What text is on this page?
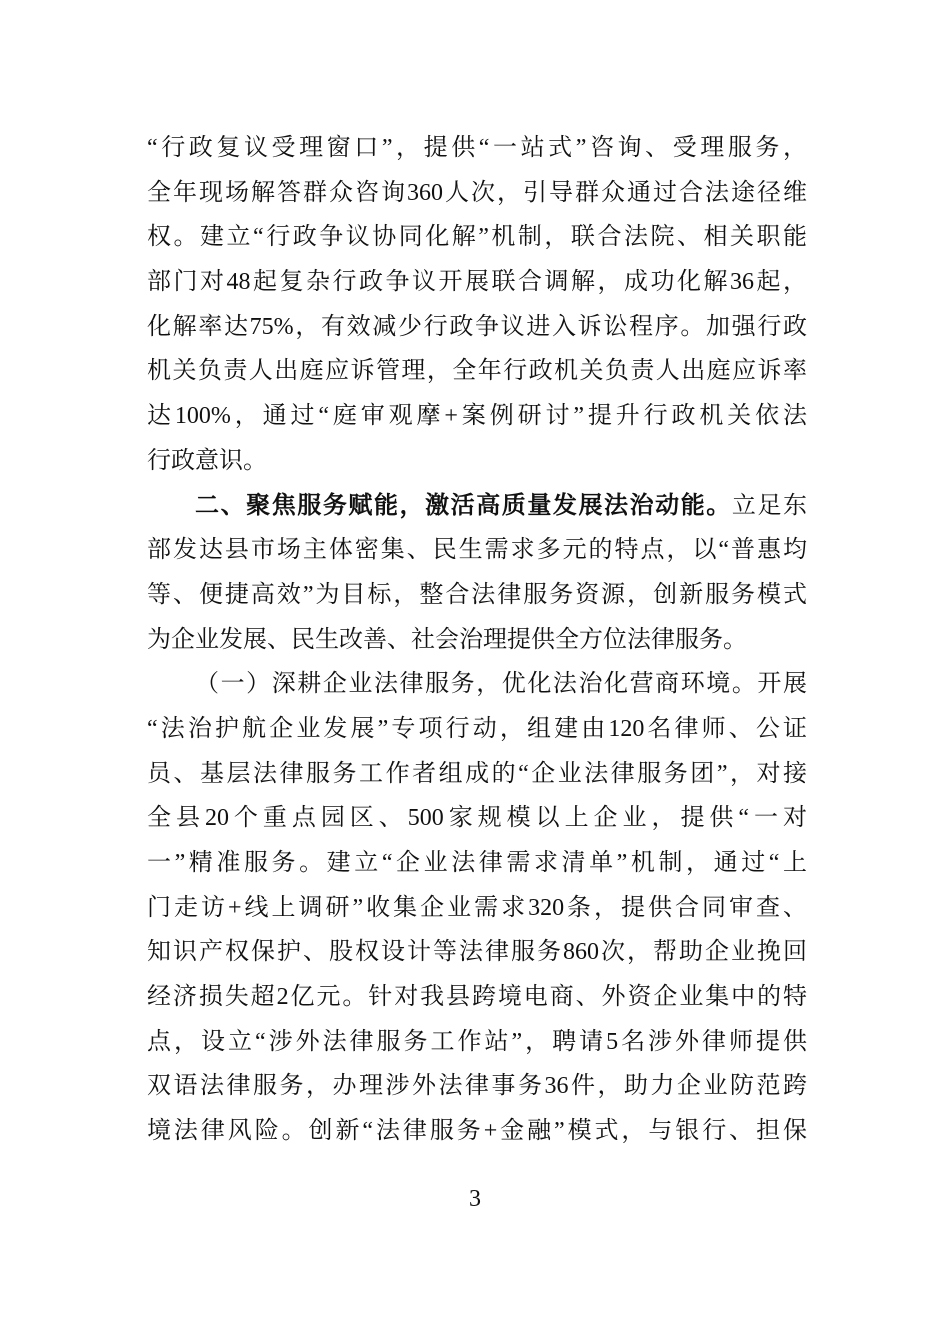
“行政复议受理窗口”，提供“一站式”咨询、受理服务，
全年现场解答群众咨询360人次，引导群众通过合法途径维
权。建立“行政争议协同化解”机制，联合法院、相关职能
部门对48起复杂行政争议开展联合调解，成功化解36起，
化解率达75%，有效减少行政争议进入诉讼程序。加强行政
机关负责人出庭应诉管理，全年行政机关负责人出庭应诉率
达100%，通过“庭审观摩+案例研讨”提升行政机关依法
行政意识。
二、聚焦服务赋能，激活高质量发展法治动能。立足东
部发达县市场主体密集、民生需求多元的特点，以“普惠均
等、便捷高效”为目标，整合法律服务资源，创新服务模式
为企业发展、民生改善、社会治理提供全方位法律服务。
（一）深耕企业法律服务，优化法治化营商环境。开展
“法治护航企业发展”专项行动，组建由120名律师、公证
员、基层法律服务工作者组成的“企业法律服务团”，对接
全县20个重点园区、500家规模以上企业，提供“一对
一”精准服务。建立“企业法律需求清单”机制，通过“上
门走访+线上调研”收集企业需求320条，提供合同审查、
知识产权保护、股权设计等法律服务860次，帮助企业挽回
经济损失超2亿元。针对我县跨境电商、外资企业集中的特
点，设立“涉外法律服务工作站”，聘请5名涉外律师提供
双语法律服务，办理涉外法律事务36件，助力企业防范跨
境法律风险。创新“法律服务+金融”模式，与银行、担保
3
